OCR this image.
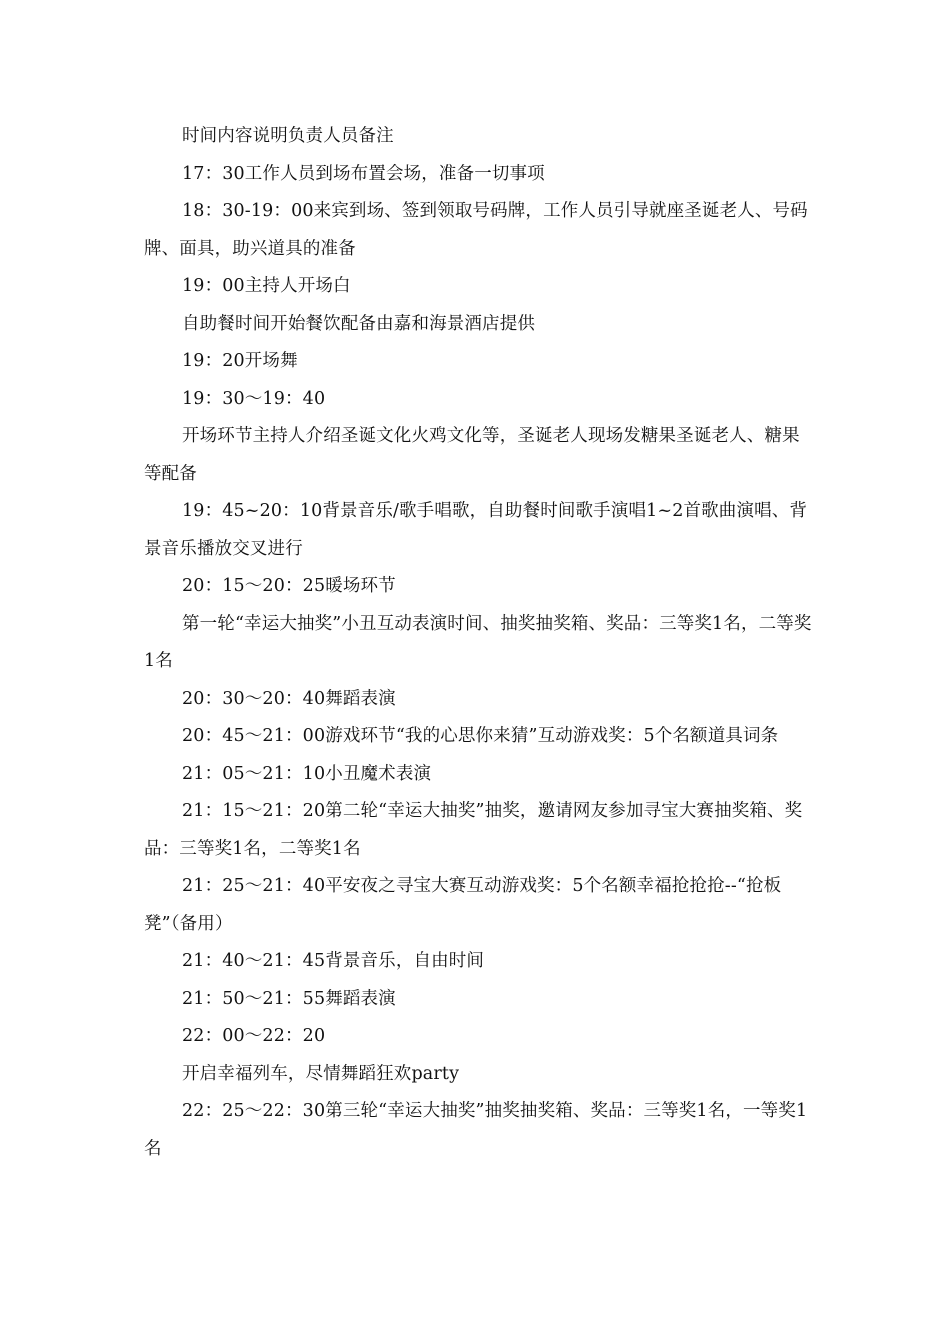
时间内容说明负责人员备注

17：30工作人员到场布置会场，准备一切事项

18：30-19：00来宾到场、签到领取号码牌，工作人员引导就座圣诞老人、号码牌、面具，助兴道具的准备

19：00主持人开场白

自助餐时间开始餐饮配备由嘉和海景酒店提供

19：20开场舞

19：30～19：40

开场环节主持人介绍圣诞文化火鸡文化等，圣诞老人现场发糖果圣诞老人、糖果等配备

19：45~20：10背景音乐/歌手唱歌，自助餐时间歌手演唱1~2首歌曲演唱、背景音乐播放交叉进行

20：15～20：25暖场环节

第一轮“幸运大抽奖”小丑互动表演时间、抽奖抽奖箱、奖品：三等奖1名，二等奖1名

20：30～20：40舞蹈表演

20：45～21：00游戏环节“我的心思你来猜”互动游戏奖：5个名额道具词条

21：05～21：10小丑魔术表演

21：15～21：20第二轮“幸运大抽奖”抽奖，邀请网友参加寻宝大赛抽奖箱、奖品：三等奖1名，二等奖1名

21：25～21：40平安夜之寻宝大赛互动游戏奖：5个名额幸福抢抢抢--“抢板凳”（备用）

21：40～21：45背景音乐，自由时间

21：50～21：55舞蹈表演

22：00～22：20

开启幸福列车，尽情舞蹈狂欢party

22：25～22：30第三轮“幸运大抽奖”抽奖抽奖箱、奖品：三等奖1名，一等奖1名
